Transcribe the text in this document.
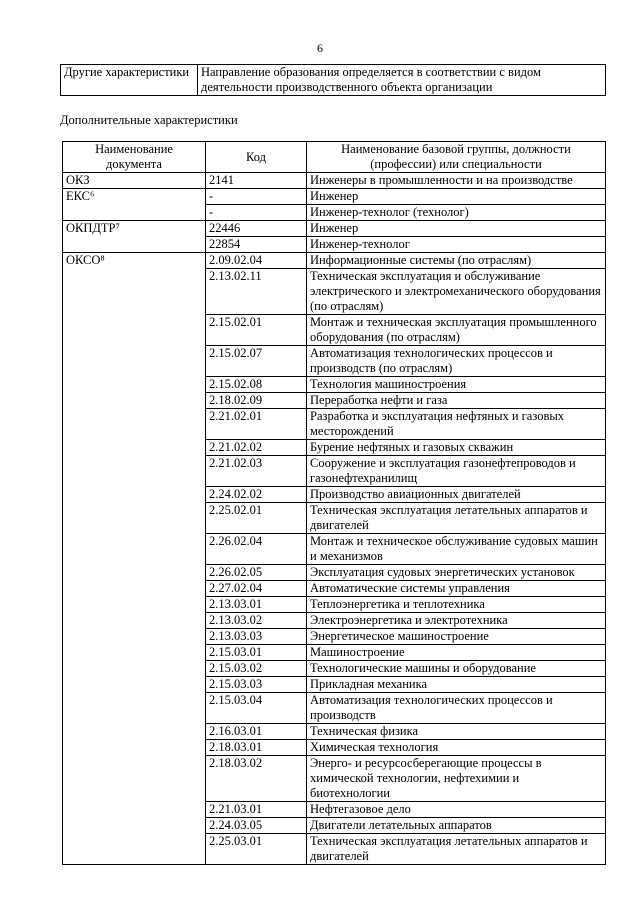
6
Другие характеристики	Направление образования определяется в соответствии с видом деятельности производственного объекта организации
Дополнительные характеристики
Наименование документа	Код	Наименование базовой группы, должности (профессии) или специальности
ОКЗ	2141	Инженеры в промышленности и на производстве
ЕКС⁶	-	Инженер
	-	Инженер-технолог (технолог)
ОКПДТР⁷	22446	Инженер
	22854	Инженер-технолог
ОКСО⁸	2.09.02.04	Информационные системы (по отраслям)
	2.13.02.11	Техническая эксплуатация и обслуживание электрического и электромеханического оборудования (по отраслям)
	2.15.02.01	Монтаж и техническая эксплуатация промышленного оборудования (по отраслям)
	2.15.02.07	Автоматизация технологических процессов и производств (по отраслям)
	2.15.02.08	Технология машиностроения
	2.18.02.09	Переработка нефти и газа
	2.21.02.01	Разработка и эксплуатация нефтяных и газовых месторождений
	2.21.02.02	Бурение нефтяных и газовых скважин
	2.21.02.03	Сооружение и эксплуатация газонефтепроводов и газонефтехранилищ
	2.24.02.02	Производство авиационных двигателей
	2.25.02.01	Техническая эксплуатация летательных аппаратов и двигателей
	2.26.02.04	Монтаж и техническое обслуживание судовых машин и механизмов
	2.26.02.05	Эксплуатация судовых энергетических установок
	2.27.02.04	Автоматические системы управления
	2.13.03.01	Теплоэнергетика и теплотехника
	2.13.03.02	Электроэнергетика и электротехника
	2.13.03.03	Энергетическое машиностроение
	2.15.03.01	Машиностроение
	2.15.03.02	Технологические машины и оборудование
	2.15.03.03	Прикладная механика
	2.15.03.04	Автоматизация технологических процессов и производств
	2.16.03.01	Техническая физика
	2.18.03.01	Химическая технология
	2.18.03.02	Энерго- и ресурсосберегающие процессы в химической технологии, нефтехимии и биотехнологии
	2.21.03.01	Нефтегазовое дело
	2.24.03.05	Двигатели летательных аппаратов
	2.25.03.01	Техническая эксплуатация летательных аппаратов и двигателей
